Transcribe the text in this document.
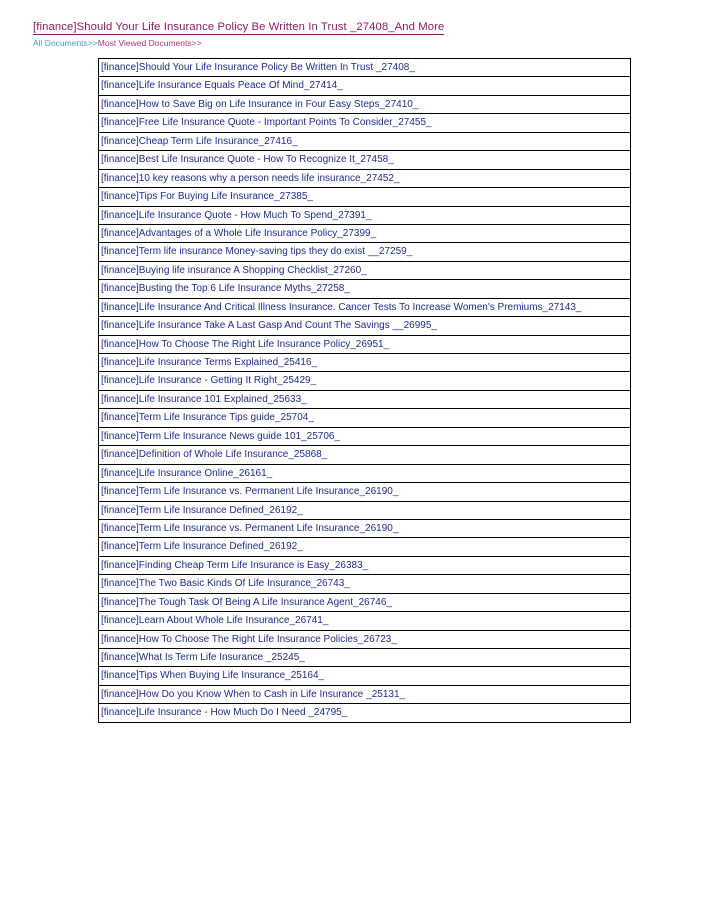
[finance]Should Your Life Insurance Policy Be Written In Trust _27408_And More
All Documents>>Most Viewed Documents>>
[finance]Should Your Life Insurance Policy Be Written In Trust _27408_
[finance]Life Insurance Equals Peace Of Mind_27414_
[finance]How to Save Big on Life Insurance in Four Easy Steps_27410_
[finance]Free Life Insurance Quote - Important Points To Consider_27455_
[finance]Cheap Term Life Insurance_27416_
[finance]Best Life Insurance Quote - How To Recognize It_27458_
[finance]10 key reasons why a person needs life insurance_27452_
[finance]Tips For Buying Life Insurance_27385_
[finance]Life Insurance Quote - How Much To Spend_27391_
[finance]Advantages of a Whole Life Insurance Policy_27399_
[finance]Term life insurance Money-saving tips they do exist __27259_
[finance]Buying life insurance A Shopping Checklist_27260_
[finance]Busting the Top 6 Life Insurance Myths_27258_
[finance]Life Insurance And Critical Illness Insurance. Cancer Tests To Increase Women's Premiums_27143_
[finance]Life Insurance Take A Last Gasp And Count The Savings __26995_
[finance]How To Choose The Right Life Insurance Policy_26951_
[finance]Life Insurance Terms Explained_25416_
[finance]Life Insurance - Getting It Right_25429_
[finance]Life Insurance 101 Explained_25633_
[finance]Term Life Insurance Tips guide_25704_
[finance]Term Life Insurance News guide 101_25706_
[finance]Definition of Whole Life Insurance_25868_
[finance]Life Insurance Online_26161_
[finance]Term Life Insurance vs. Permanent Life Insurance_26190_
[finance]Term Life Insurance Defined_26192_
[finance]Term Life Insurance vs. Permanent Life Insurance_26190_
[finance]Term Life Insurance Defined_26192_
[finance]Finding Cheap Term Life Insurance is Easy_26383_
[finance]The Two Basic Kinds Of Life Insurance_26743_
[finance]The Tough Task Of Being A Life Insurance Agent_26746_
[finance]Learn About Whole Life Insurance_26741_
[finance]How To Choose The Right Life Insurance Policies_26723_
[finance]What Is Term Life Insurance _25245_
[finance]Tips When Buying Life Insurance_25164_
[finance]How Do you Know When to Cash in Life Insurance _25131_
[finance]Life Insurance - How Much Do I Need _24795_
